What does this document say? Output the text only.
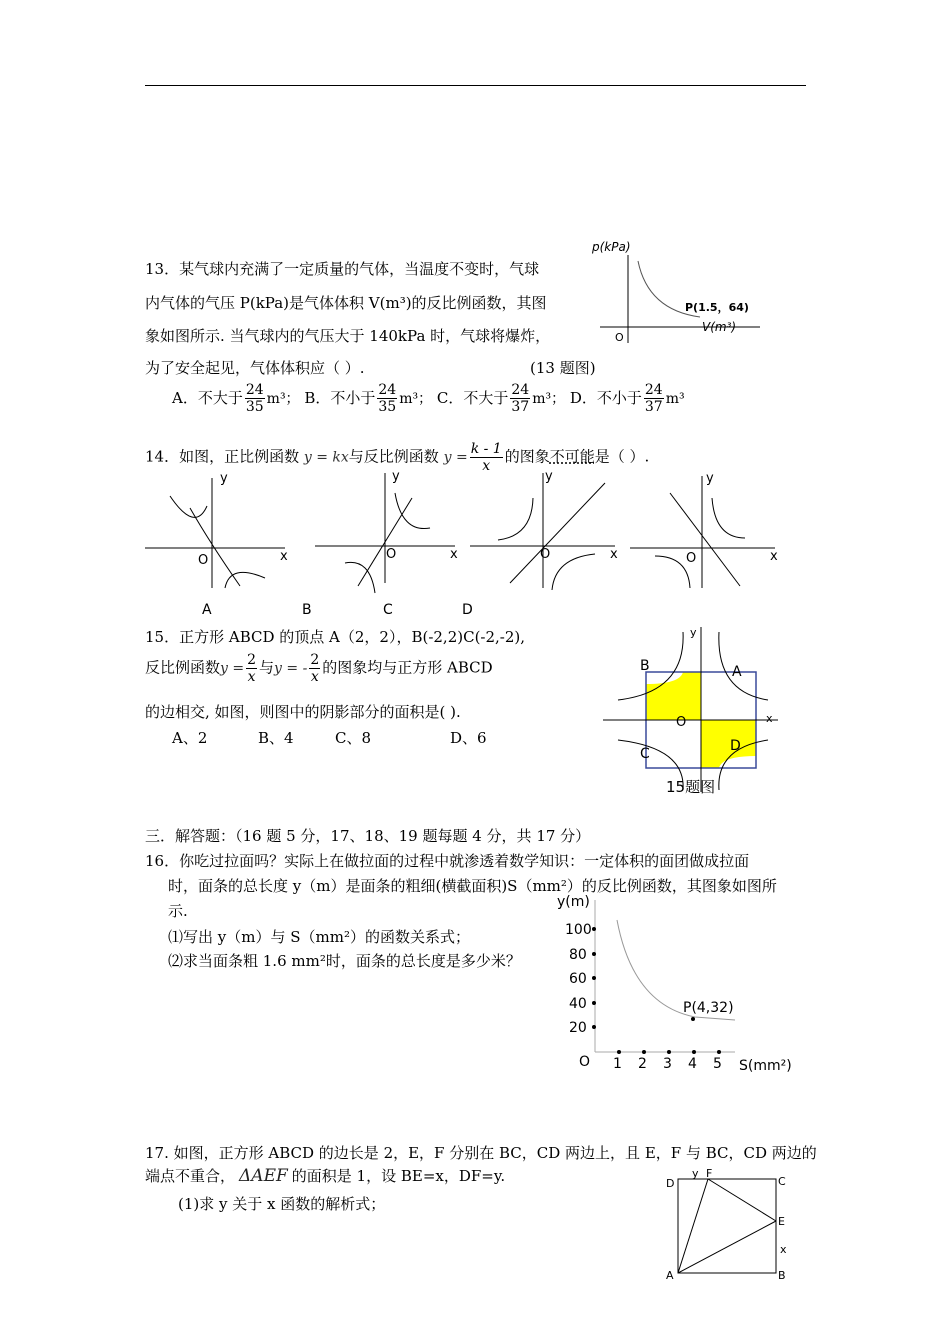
13．某气球内充满了一定质量的气体，当温度不变时，气球
内气体的气压 P(kPa)是气体体积 V(m³)的反比例函数，其图
象如图所示. 当气球内的气压大于 140kPa 时，气球将爆炸，
为了安全起见，气体体积应（ ）.	(13 题图)
A．不大于 $\frac{24}{35} m^3$； B．不小于 $\frac{24}{35} m^3$； C．不大于 $\frac{24}{37} m^3$； D．不小于 $\frac{24}{37} m^3$
p(kPa)
V(m³)
P(1.5，64)
O
14．如图，正比例函数 y = kx与反比例函数 $y = \frac{k - 1}{x}$ 的图象不可能是（ ）.
y
x
O
A
y
x
O
B
y
x
O
C
y
x
O
D
15．正方形 ABCD 的顶点 A（2，2），B(-2,2)C(-2,-2),
反比例函数$y = \frac{2}{x}$ 与y = - $\frac{2}{x}$ 的图象均与正方形 ABCD
的边相交, 如图，则图中的阴影部分的面积是( ).
A、2	B、4	C、8	D、6
B	A
C	D
O	x
y
15题图
三．解答题：（16 题 5 分，17、18、19 题每题 4 分，共 17 分）
16．你吃过拉面吗？实际上在做拉面的过程中就渗透着数学知识：一定体积的面团做成拉面
时，面条的总长度 y（m）是面条的粗细(横截面积)S（mm²）的反比例函数，其图象如图所
示.
⑴写出 y（m）与 S（mm²）的函数关系式；
⑵求当面条粗 1.6 mm²时，面条的总长度是多少米？
y(m)
100
80
60
40
20
O 1 2 3 4 5 S(mm²)
P(4,32)
17. 如图，正方形 ABCD 的边长是 2，E，F 分别在 BC，CD 两边上，且 E，F 与 BC，CD 两边的
端点不重合， ΔAEF 的面积是 1，设 BE=x，DF=y.
(1)求 y 关于 x 函数的解析式；
D	C
A	B
E
F
y
x
